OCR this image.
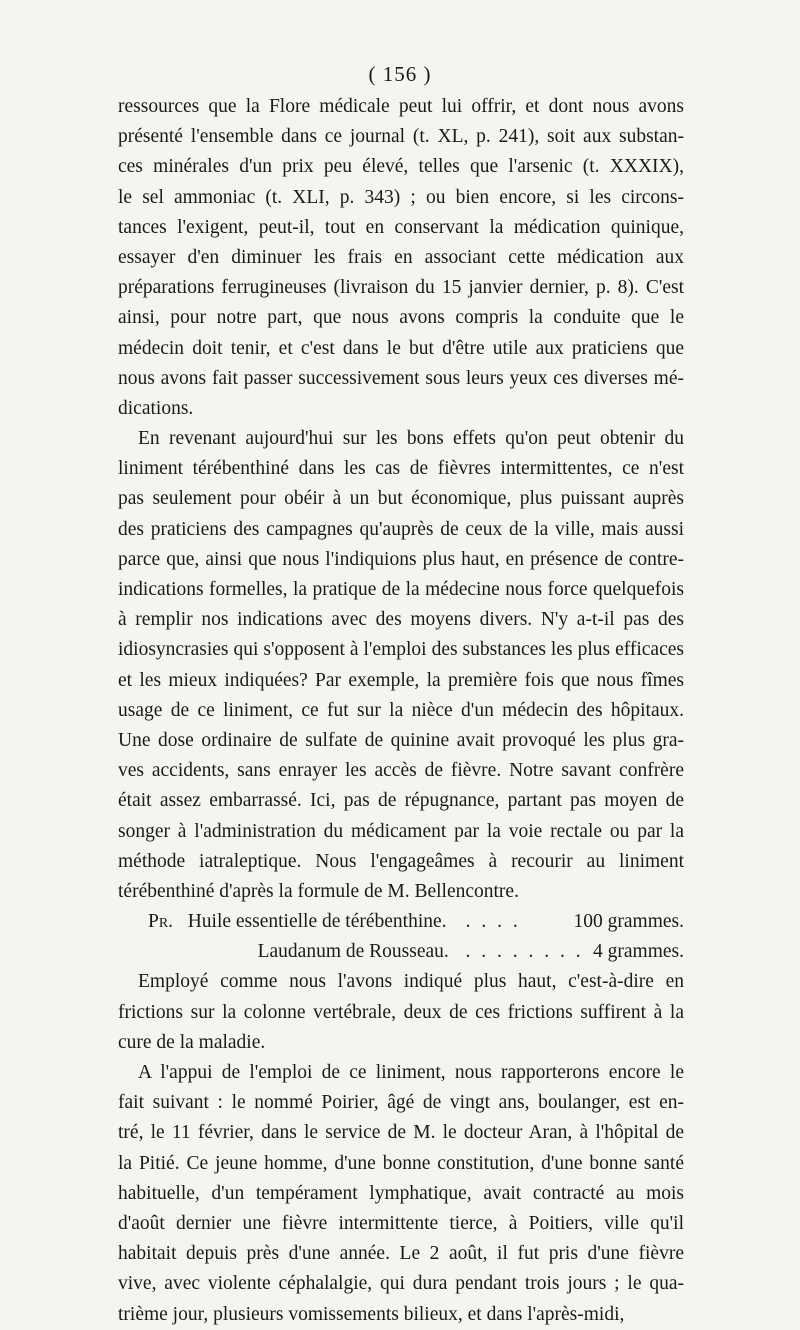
( 156 )
ressources que la Flore médicale peut lui offrir, et dont nous avons
présenté l'ensemble dans ce journal (t. XL, p. 241), soit aux substan-
ces minérales d'un prix peu élevé, telles que l'arsenic (t. XXXIX),
le sel ammoniac (t. XLI, p. 343) ; ou bien encore, si les circons-
tances l'exigent, peut-il, tout en conservant la médication quinique,
essayer d'en diminuer les frais en associant cette médication aux
préparations ferrugineuses (livraison du 15 janvier dernier, p. 8). C'est
ainsi, pour notre part, que nous avons compris la conduite que le
médecin doit tenir, et c'est dans le but d'être utile aux praticiens que
nous avons fait passer successivement sous leurs yeux ces diverses mé-
dications.
En revenant aujourd'hui sur les bons effets qu'on peut obtenir du
liniment térébenthiné dans les cas de fièvres intermittentes, ce n'est
pas seulement pour obéir à un but économique, plus puissant auprès
des praticiens des campagnes qu'auprès de ceux de la ville, mais aussi
parce que, ainsi que nous l'indiquions plus haut, en présence de contre-
indications formelles, la pratique de la médecine nous force quelquefois
à remplir nos indications avec des moyens divers. N'y a-t-il pas des
idiosyncrasies qui s'opposent à l'emploi des substances les plus efficaces
et les mieux indiquées? Par exemple, la première fois que nous fîmes
usage de ce liniment, ce fut sur la nièce d'un médecin des hôpitaux.
Une dose ordinaire de sulfate de quinine avait provoqué les plus gra-
ves accidents, sans enrayer les accès de fièvre. Notre savant confrère
était assez embarrassé. Ici, pas de répugnance, partant pas moyen de
songer à l'administration du médicament par la voie rectale ou par la
méthode iatraleptique. Nous l'engageâmes à recourir au liniment
térébenthiné d'après la formule de M. Bellencontre.
Pr. Huile essentielle de térébenthine. . . . .	100 grammes.
Laudanum de Rousseau. . . . . . . . . 4 grammes.
Employé comme nous l'avons indiqué plus haut, c'est-à-dire en
frictions sur la colonne vertébrale, deux de ces frictions suffirent à la
cure de la maladie.
A l'appui de l'emploi de ce liniment, nous rapporterons encore le
fait suivant : le nommé Poirier, âgé de vingt ans, boulanger, est en-
tré, le 11 février, dans le service de M. le docteur Aran, à l'hôpital de
la Pitié. Ce jeune homme, d'une bonne constitution, d'une bonne santé
habituelle, d'un tempérament lymphatique, avait contracté au mois
d'août dernier une fièvre intermittente tierce, à Poitiers, ville qu'il
habitait depuis près d'une année. Le 2 août, il fut pris d'une fièvre
vive, avec violente céphalalgie, qui dura pendant trois jours ; le qua-
trième jour, plusieurs vomissements bilieux, et dans l'après-midi,
